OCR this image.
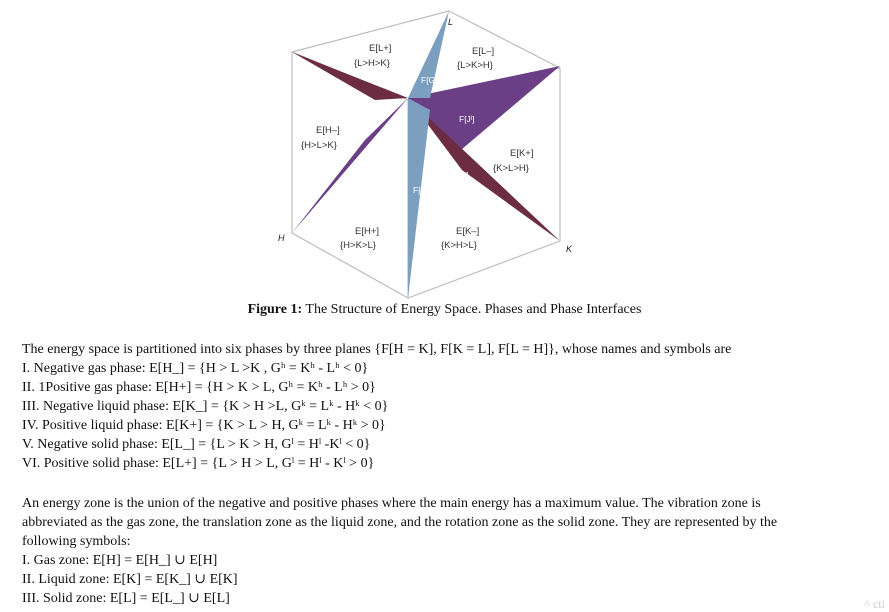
L
H
K
E[L+]
{L>H>K}
E[L–]
{L>K>H}
E[H–]
{H>L>K}
E[K+]
{K>L>H}
E[H+]
{H>K>L}
E[K–]
{K>H>L}
F[Gˡ]
F[Jʰ]
F[Jˡ]
F[Gʰ]	F[Gᵏ]
F[Jᵏ]
Figure 1: The Structure of Energy Space. Phases and Phase Interfaces
The energy space is partitioned into six phases by three planes {F[H = K], F[K = L], F[L = H]}, whose names and symbols are
I. Negative gas phase: E[H_] = {H > L >K , Gʰ = Kʰ - Lʰ < 0}
II. 1Positive gas phase: E[H+] = {H > K > L, Gʰ = Kʰ - Lʰ > 0}
III. Negative liquid phase: E[K_] = {K > H >L, Gᵏ = Lᵏ - Hᵏ < 0}
IV. Positive liquid phase: E[K+] = {K > L > H, Gᵏ = Lᵏ - Hᵏ > 0}
V. Negative solid phase: E[L_] = {L > K > H, Gˡ = Hˡ -Kˡ < 0}
VI. Positive solid phase: E[L+] = {L > H > L, Gˡ = Hˡ - Kˡ > 0}
An energy zone is the union of the negative and positive phases where the main energy has a maximum value. The vibration zone is
abbreviated as the gas zone, the translation zone as the liquid zone, and the rotation zone as the solid zone. They are represented by the
following symbols:
I. Gas zone: E[H] = E[H_] ∪ E[H]
II. Liquid zone: E[K] = E[K_] ∪ E[K]
III. Solid zone: E[L] = E[L_] ∪ E[L]	^ cti
